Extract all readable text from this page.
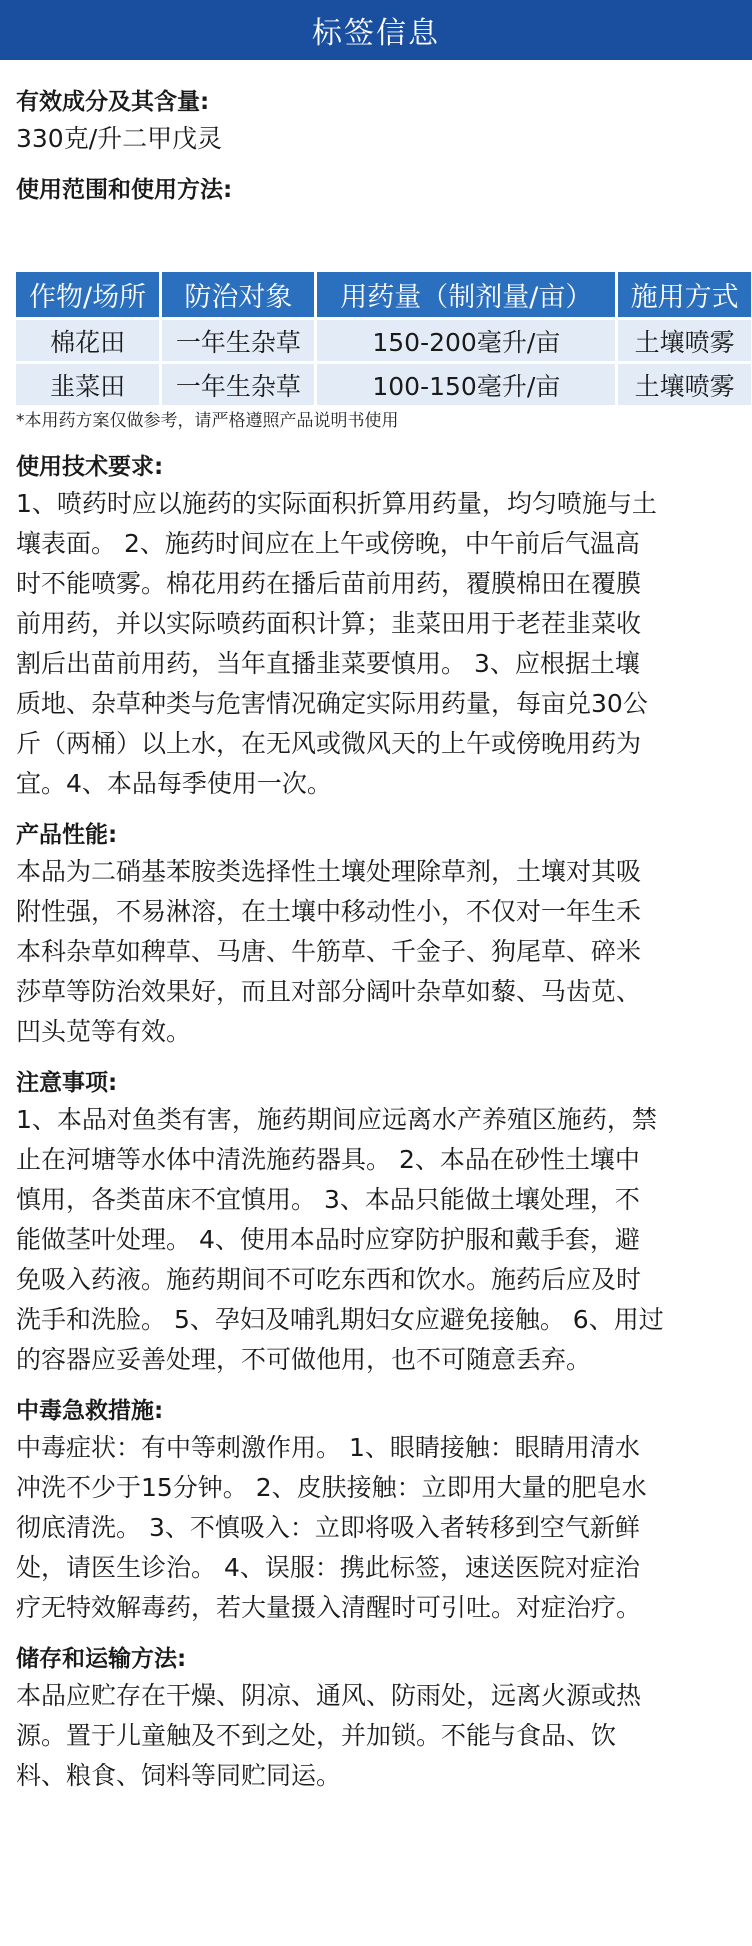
标签信息
有效成分及其含量:

330克/升二甲戊灵

使用范围和使用方法:
作物/场所	防治对象	用药量（制剂量/亩）	施用方式
棉花田	一年生杂草	150-200毫升/亩	土壤喷雾
韭菜田	一年生杂草	100-150毫升/亩	土壤喷雾

*本用药方案仅做参考，请严格遵照产品说明书使用

使用技术要求:

1、喷药时应以施药的实际面积折算用药量，均匀喷施与土

壤表面。 2、施药时间应在上午或傍晚，中午前后气温高

时不能喷雾。棉花用药在播后苗前用药，覆膜棉田在覆膜

前用药，并以实际喷药面积计算；韭菜田用于老茬韭菜收

割后出苗前用药，当年直播韭菜要慎用。 3、应根据土壤

质地、杂草种类与危害情况确定实际用药量，每亩兑30公

斤（两桶）以上水，在无风或微风天的上午或傍晚用药为

宜。4、本品每季使用一次。

产品性能:

本品为二硝基苯胺类选择性土壤处理除草剂，土壤对其吸

附性强，不易淋溶，在土壤中移动性小，不仅对一年生禾

本科杂草如稗草、马唐、牛筋草、千金子、狗尾草、碎米

莎草等防治效果好，而且对部分阔叶杂草如藜、马齿苋、

凹头苋等有效。

注意事项:

1、本品对鱼类有害，施药期间应远离水产养殖区施药，禁

止在河塘等水体中清洗施药器具。 2、本品在砂性土壤中

慎用，各类苗床不宜慎用。 3、本品只能做土壤处理，不

能做茎叶处理。 4、使用本品时应穿防护服和戴手套，避

免吸入药液。施药期间不可吃东西和饮水。施药后应及时

洗手和洗脸。 5、孕妇及哺乳期妇女应避免接触。 6、用过

的容器应妥善处理，不可做他用，也不可随意丢弃。

中毒急救措施:

中毒症状：有中等刺激作用。 1、眼睛接触：眼睛用清水

冲洗不少于15分钟。 2、皮肤接触：立即用大量的肥皂水

彻底清洗。 3、不慎吸入：立即将吸入者转移到空气新鲜

处，请医生诊治。 4、误服：携此标签，速送医院对症治

疗无特效解毒药，若大量摄入清醒时可引吐。对症治疗。

储存和运输方法:

本品应贮存在干燥、阴凉、通风、防雨处，远离火源或热

源。置于儿童触及不到之处，并加锁。不能与食品、饮

料、粮食、饲料等同贮同运。
